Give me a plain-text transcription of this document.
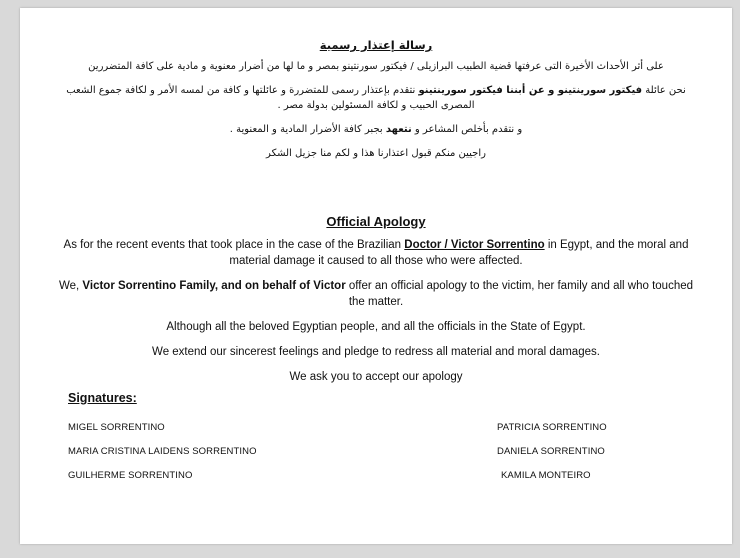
رسالة إعتذار رسمية

على أثر الأحداث الأخيرة التى عرفتها قضية الطبيب البرازيلى / فيكتور سورنتينو بمصر و ما لها من أضرار معنوية و مادية على كافة المتضررين

نحن عائلة فيكتور سورينتينو و عن أبننا فيكتور سورينتينو نتقدم بإعتذار رسمى للمتضررة و عائلتها و كافة من لمسه الأمر و لكافة جموع الشعب المصرى الحبيب و لكافة المسئولين بدولة مصر .

و نتقدم بأخلص المشاعر و نتعهد بجبر كافة الأضرار المادية و المعنوية .

راجيين منكم قبول اعتذارنا هذا و لكم منا جزيل الشكر

Official Apology

As for the recent events that took place in the case of the Brazilian Doctor / Victor Sorrentino in Egypt, and the moral and material damage it caused to all those who were affected.

We, Victor Sorrentino Family, and on behalf of Victor offer an official apology to the victim, her family and all who touched the matter.

Although all the beloved Egyptian people, and all the officials in the State of Egypt.

We extend our sincerest feelings and pledge to redress all material and moral damages.

We ask you to accept our apology

Signatures:
MIGEL SORRENTINO
MARIA CRISTINA LAIDENS SORRENTINO
GUILHERME SORRENTINO
PATRICIA SORRENTINO
DANIELA SORRENTINO
KAMILA MONTEIRO
